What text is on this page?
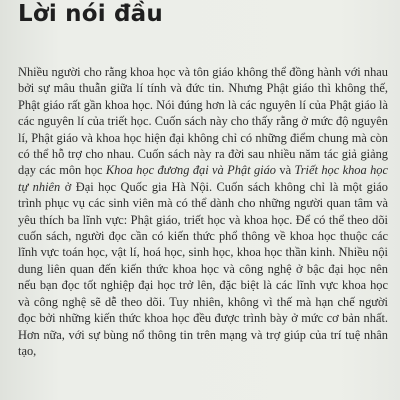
Lời nói đầu

Nhiều người cho rằng khoa học và tôn giáo không thể đồng hành với nhau bởi sự mâu thuẫn giữa lí tính và đức tin. Nhưng Phật giáo thì không thế, Phật giáo rất gần khoa học. Nói đúng hơn là các nguyên lí của Phật giáo là các nguyên lí của triết học. Cuốn sách này cho thấy rằng ở mức độ nguyên lí, Phật giáo và khoa học hiện đại không chỉ có những điểm chung mà còn có thể hỗ trợ cho nhau. Cuốn sách này ra đời sau nhiều năm tác giả giảng dạy các môn học Khoa học đương đại và Phật giáo và Triết học khoa học tự nhiên ở Đại học Quốc gia Hà Nội. Cuốn sách không chỉ là một giáo trình phục vụ các sinh viên mà có thể dành cho những người quan tâm và yêu thích ba lĩnh vực: Phật giáo, triết học và khoa học. Để có thể theo dõi cuốn sách, người đọc cần có kiến thức phổ thông về khoa học thuộc các lĩnh vực toán học, vật lí, hoá học, sinh học, khoa học thần kinh. Nhiều nội dung liên quan đến kiến thức khoa học và công nghệ ở bậc đại học nên nếu bạn đọc tốt nghiệp đại học trở lên, đặc biệt là các lĩnh vực khoa học và công nghệ sẽ dễ theo dõi. Tuy nhiên, không vì thế mà hạn chế người đọc bởi những kiến thức khoa học đều được trình bày ở mức cơ bản nhất. Hơn nữa, với sự bùng nổ thông tin trên mạng và trợ giúp của trí tuệ nhân tạo,
